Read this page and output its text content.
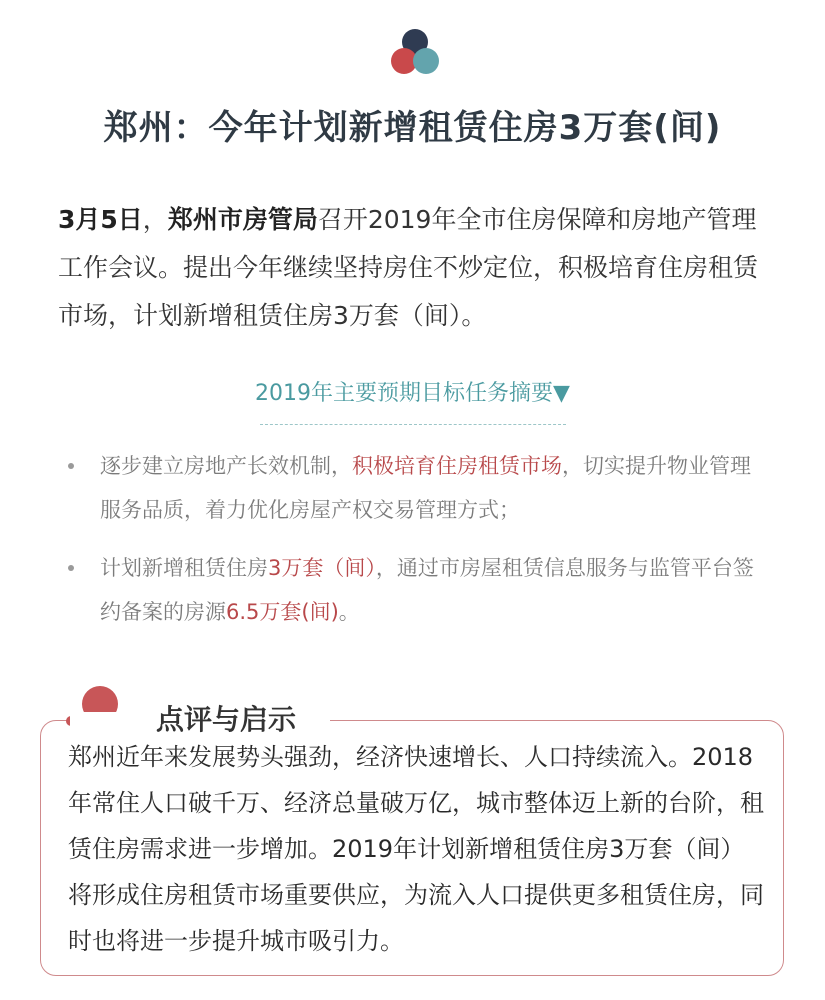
郑州：今年计划新增租赁住房3万套(间)
3月5日，郑州市房管局召开2019年全市住房保障和房地产管理工作会议。提出今年继续坚持房住不炒定位，积极培育住房租赁市场，计划新增租赁住房3万套（间）。
2019年主要预期目标任务摘要▼
逐步建立房地产长效机制，积极培育住房租赁市场，切实提升物业管理服务品质，着力优化房屋产权交易管理方式；
计划新增租赁住房3万套（间），通过市房屋租赁信息服务与监管平台签约备案的房源6.5万套(间)。
点评与启示
郑州近年来发展势头强劲，经济快速增长、人口持续流入。2018年常住人口破千万、经济总量破万亿，城市整体迈上新的台阶，租赁住房需求进一步增加。2019年计划新增租赁住房3万套（间）将形成住房租赁市场重要供应，为流入人口提供更多租赁住房，同时也将进一步提升城市吸引力。
